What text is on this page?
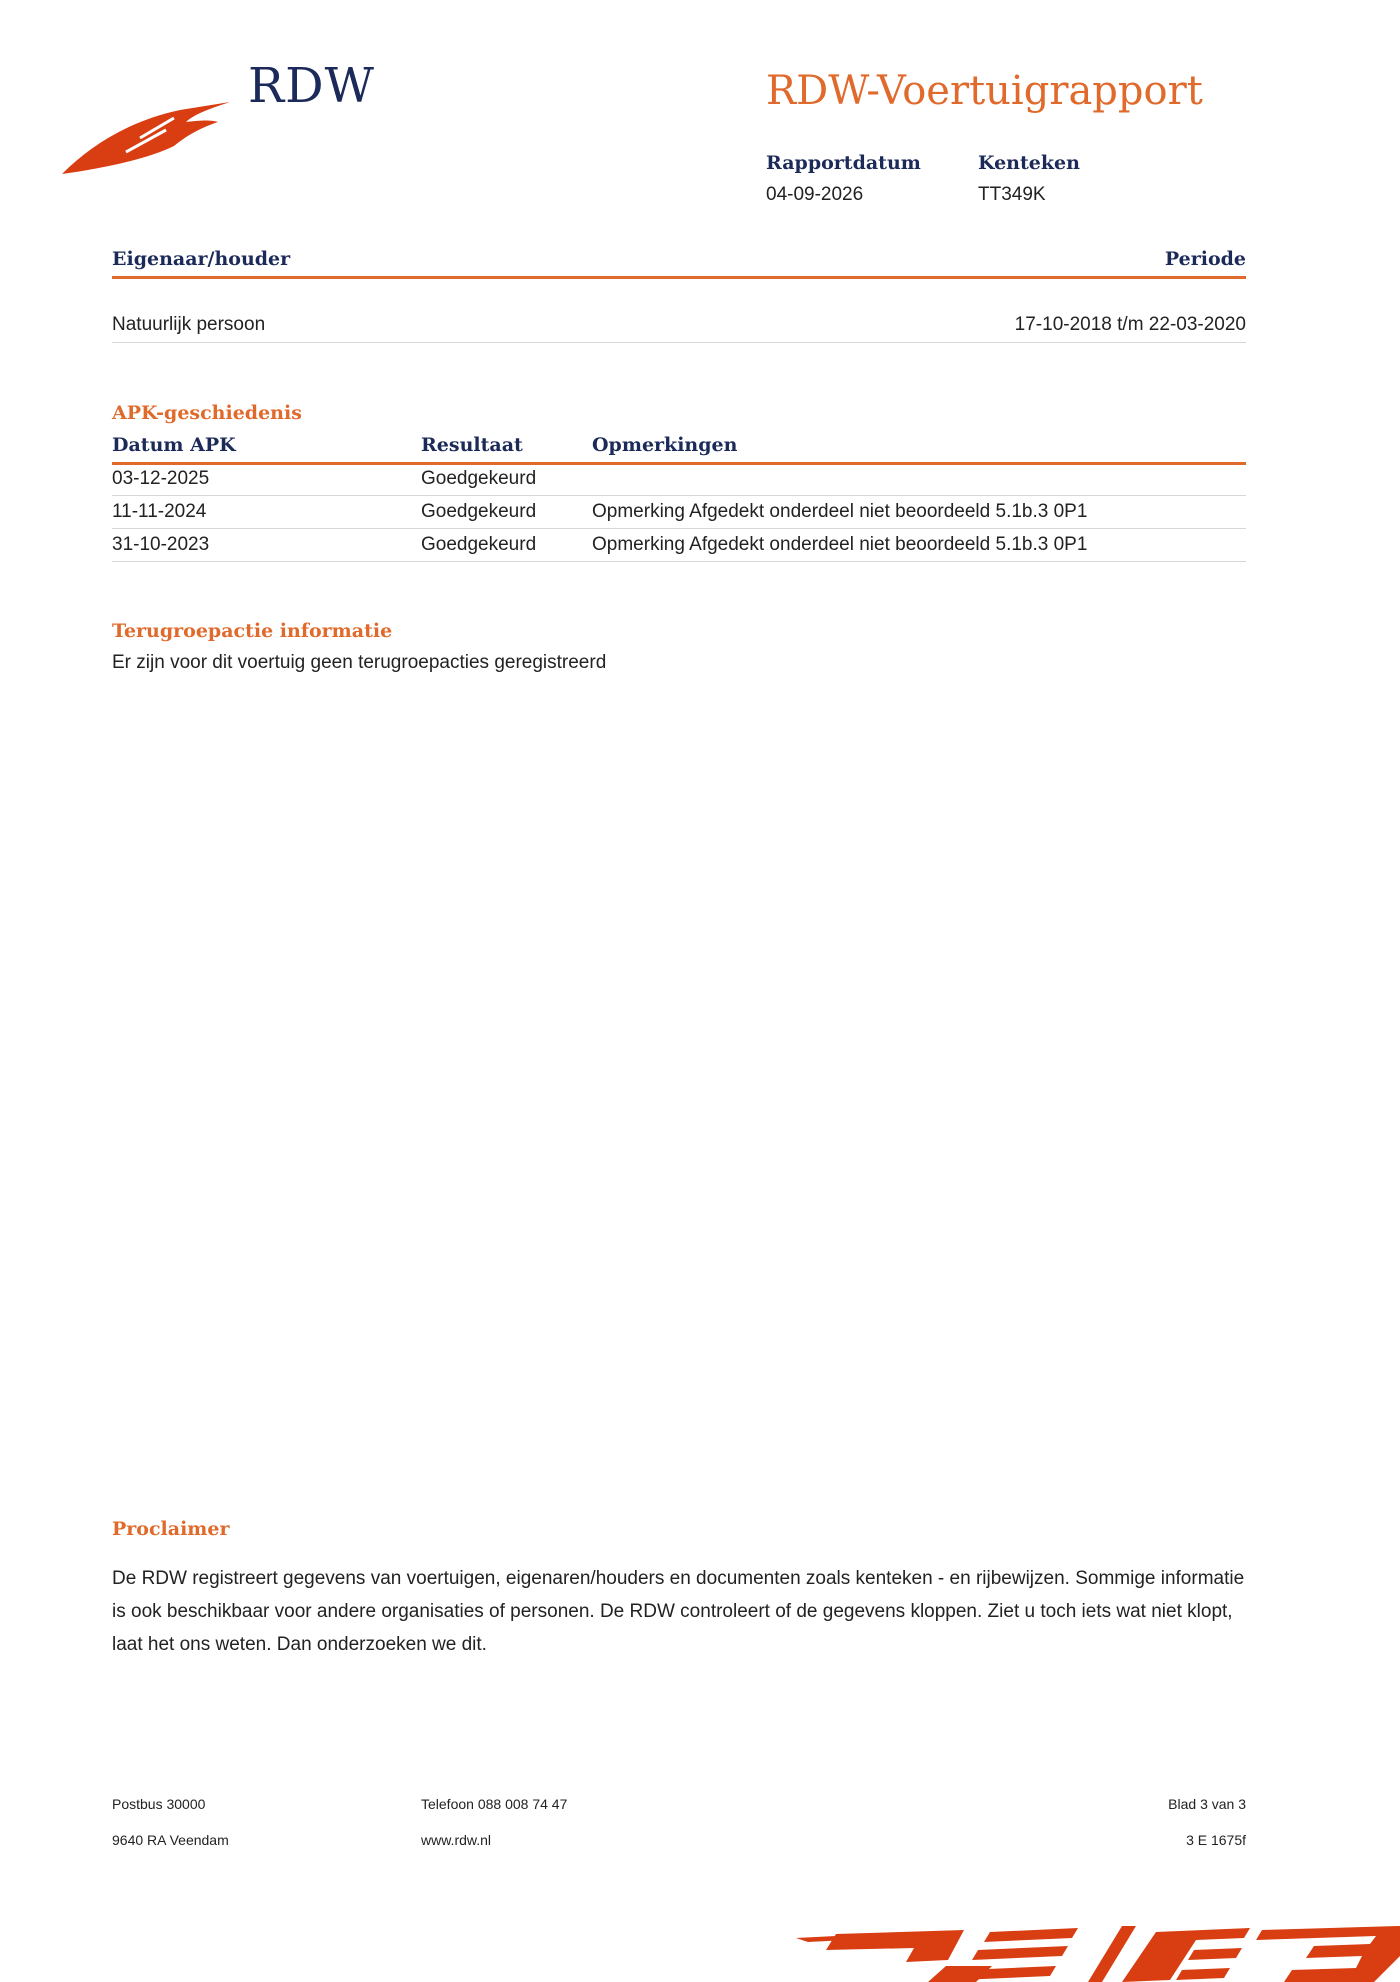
RDW	RDW-Voertuigrapport
Rapportdatum
04-09-2026
Kenteken
TT349K
Eigenaar/houder	Periode
Natuurlijk persoon	17-10-2018 t/m 22-03-2020
APK-geschiedenis
Datum APK	Resultaat	Opmerkingen
03-12-2025	Goedgekeurd
11-11-2024	Goedgekeurd	Opmerking Afgedekt onderdeel niet beoordeeld 5.1b.3 0P1
31-10-2023	Goedgekeurd	Opmerking Afgedekt onderdeel niet beoordeeld 5.1b.3 0P1
Terugroepactie informatie
Er zijn voor dit voertuig geen terugroepacties geregistreerd
Proclaimer
De RDW registreert gegevens van voertuigen, eigenaren/houders en documenten zoals kenteken - en rijbewijzen. Sommige informatie is ook beschikbaar voor andere organisaties of personen. De RDW controleert of de gegevens kloppen. Ziet u toch iets wat niet klopt, laat het ons weten. Dan onderzoeken we dit.
Postbus 30000
9640 RA Veendam
Telefoon 088 008 74 47
www.rdw.nl
Blad 3 van 3
3 E 1675f
